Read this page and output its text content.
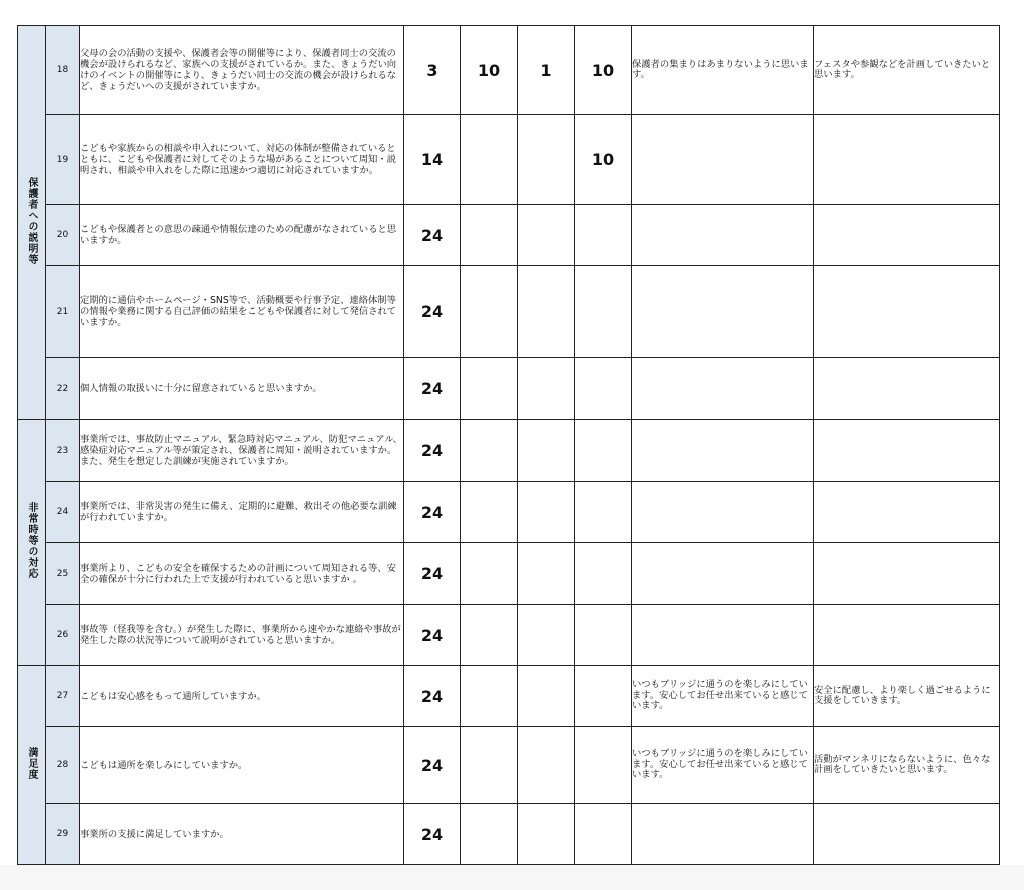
保護者への説明等	18	父母の会の活動の支援や、保護者会等の開催等により、保護者同士の交流の機会が設けられるなど、家族への支援がされているか。また、きょうだい向けのイベントの開催等により、きょうだい同士の交流の機会が設けられるなど、きょうだいへの支援がされていますか。	3	10	1	10	保護者の集まりはあまりないように思います。	フェスタや参観などを計画していきたいと思います。
	19	こどもや家族からの相談や申入れについて、対応の体制が整備されているとともに、こどもや保護者に対してそのような場があることについて周知・説明され、相談や申入れをした際に迅速かつ適切に対応されていますか。	14			10		
	20	こどもや保護者との意思の疎通や情報伝達のための配慮がなされていると思いますか。	24					
	21	定期的に通信やホームページ・SNS等で、活動概要や行事予定、連絡体制等の情報や業務に関する自己評価の結果をこどもや保護者に対して発信されていますか。	24					
	22	個人情報の取扱いに十分に留意されていると思いますか。	24					
非常時等の対応	23	事業所では、事故防止マニュアル、緊急時対応マニュアル、防犯マニュアル、感染症対応マニュアル等が策定され、保護者に周知・説明されていますか。また、発生を想定した訓練が実施されていますか。	24					
	24	事業所では、非常災害の発生に備え、定期的に避難、救出その他必要な訓練が行われていますか。	24					
	25	事業所より、こどもの安全を確保するための計画について周知される等、安全の確保が十分に行われた上で支援が行われていると思いますか 。	24					
	26	事故等（怪我等を含む。）が発生した際に、事業所から速やかな連絡や事故が発生した際の状況等について説明がされていると思いますか。	24					
満足度	27	こどもは安心感をもって通所していますか。	24				いつもブリッジに通うのを楽しみにしています。安心してお任せ出来ていると感じています。	安全に配慮し、より楽しく過ごせるように支援をしていきます。
	28	こどもは通所を楽しみにしていますか。	24				いつもブリッジに通うのを楽しみにしています。安心してお任せ出来ていると感じています。	活動がマンネリにならないように、色々な計画をしていきたいと思います。
	29	事業所の支援に満足していますか。	24					
